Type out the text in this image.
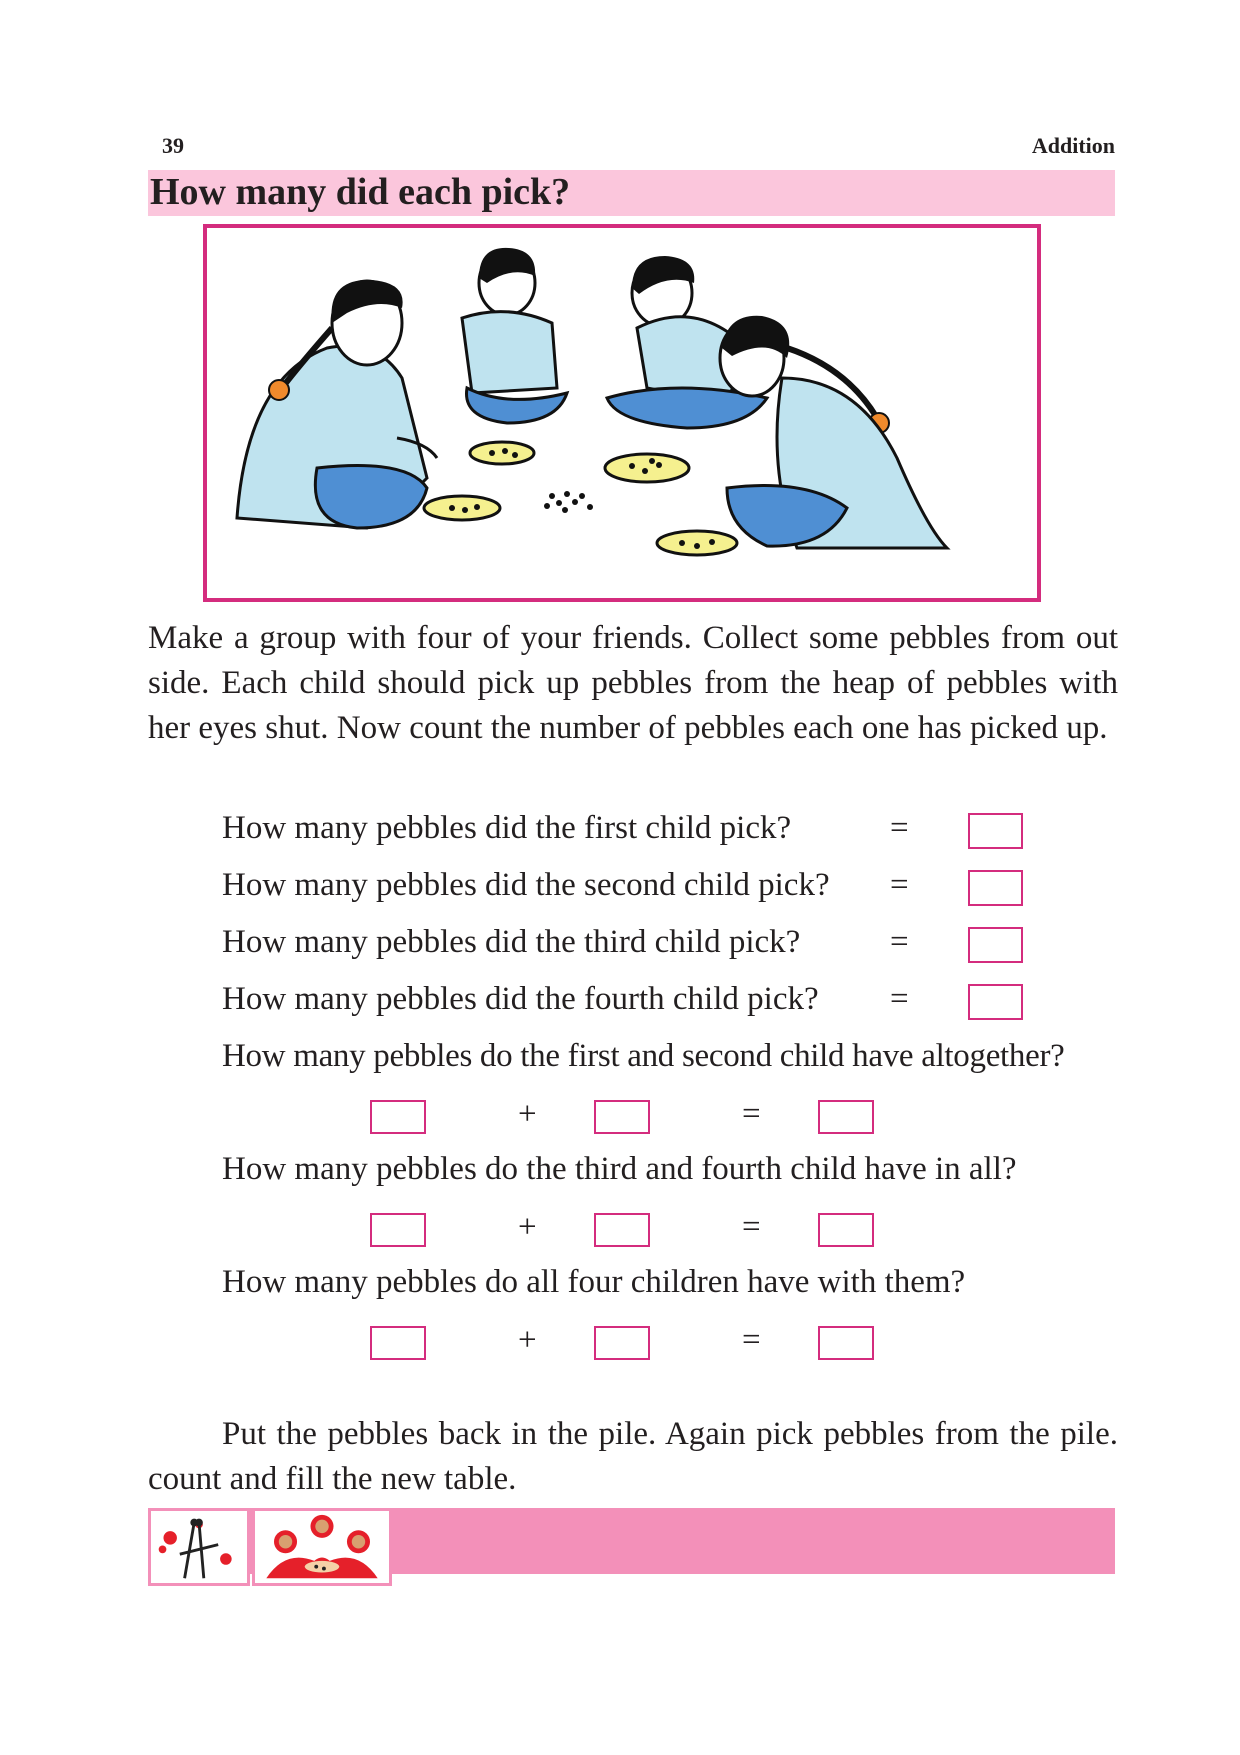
39	Addition
How many did each pick?
Make a group with four of your friends. Collect some pebbles from out side. Each child should pick up pebbles from the heap of pebbles with her eyes shut. Now count the number of pebbles each one has picked up.
How many pebbles did the first child pick?	=
How many pebbles did the second child pick? =
How many pebbles did the third child pick?	=
How many pebbles did the fourth child pick? =
How many pebbles do the first and second child have altogether?
+	=
How many pebbles do the third and fourth child have in all?
+	=
How many pebbles do all four children have with them?
+	=
Put the pebbles back in the pile. Again pick pebbles from the pile. count and fill the new table.
